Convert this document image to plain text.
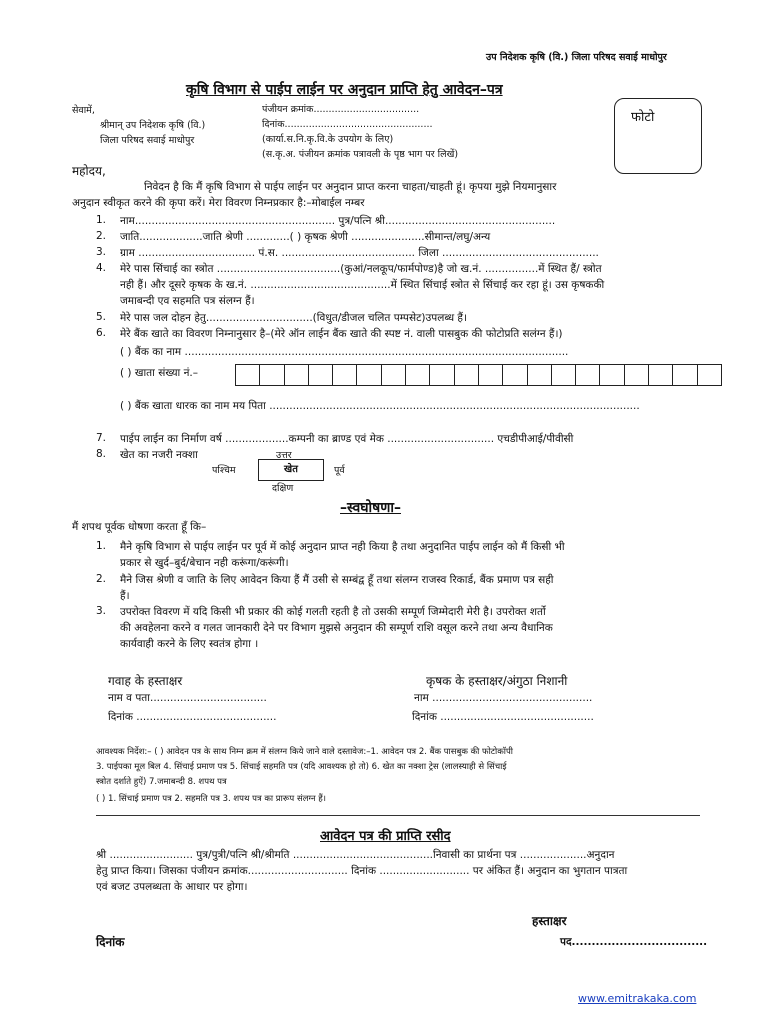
उप निदेशक कृषि (वि.) जिला परिषद सवाई माधोपुर
कृषि विभाग से पाईप लाईन पर अनुदान प्राप्ति हेतु आवेदन–पत्र
फोटो
सेवामें,
श्रीमान् उप निदेशक कृषि (वि.)
जिला परिषद सवाई माधोपुर
पंजीयन क्रमांक...................................
दिनांक.................................................
(कार्या.स.नि.कृ.वि.के उपयोग के लिए)
(स.कृ.अ. पंजीयन क्रमांक पत्रावली के पृष्ठ भाग पर लिखें)
महोदय,
निवेदन है कि मैं कृषि विभाग से पाईप लाईन पर अनुदान प्राप्त करना चाहता/चाहती हूं। कृपया मुझे नियमानुसार
अनुदान स्वीकृत करने की कृपा करें। मेरा विवरण निम्नप्रकार है:–मोबाईल नम्बर
1. नाम............................................................ पुत्र/पत्नि श्री...................................................
2. जाति...................जाति श्रेणी .............( ) कृषक श्रेणी ......................सीमान्त/लघु/अन्य
3. ग्राम ................................... पं.स. ........................................ जिला ...............................................
4. मेरे पास सिंचाई का स्त्रोत .....................................(कुआं/नलकूप/फार्मपोण्ड)है जो ख.नं. ................में स्थित हैं/ स्त्रोत
नही हैं। और दूसरे कृषक के ख.नं. ..........................................में स्थित सिंचाई स्त्रोत से सिंचाई कर रहा हूं। उस कृषककी
जमाबन्दी एव सहमति पत्र संलग्न हैं।
5. मेरे पास जल दोहन हेतु................................(विधुत/डीजल चलित पम्पसेट)उपलब्ध हैं।
6. मेरे बैंक खाते का विवरण निम्नानुसार है–(मेरे ऑन लाईन बैंक खाते की स्पष्ट नं. वाली पासबुक की फोटोप्रति सलंग्न हैं।)
( ) बैंक का नाम ...................................................................................................................
( ) खाता संख्या नं.–
( ) बैंक खाता धारक का नाम मय पिता ...............................................................................................................
7. पाईप लाईन का निर्माण वर्ष ...................कम्पनी का ब्राण्ड एवं मेक ................................ एचडीपीआई/पीवीसी
8. खेत का नजरी नक्शा	उत्तर
पश्चिम	खेत	पूर्व
दक्षिण
–स्वघोषणा–
मैं शपथ पूर्वक धोषणा करता हूॅं कि–
1. मैने कृषि विभाग से पाईप लाईन पर पूर्व में कोई अनुदान प्राप्त नही किया है तथा अनुदानित पाईप लाईन को मैं किसी भी
प्रकार से खुर्द–बुर्द/बेचान नही करूंगा/करूंगी।
2. मैने जिस श्रेणी व जाति के लिए आवेदन किया हैं मैं उसी से सम्बंद्व हूॅं तथा संलग्न राजस्व रिकार्ड, बैंक प्रमाण पत्र सही
हैं।
3. उपरोक्त विवरण में यदि किसी भी प्रकार की कोई गलती रहती है तो उसकी सम्पूर्ण जिम्मेदारी मेरी है। उपरोक्त शर्तो
की अवहेलना करने व गलत जानकारी देने पर विभाग मुझसे अनुदान की सम्पूर्ण राशि वसूल करने तथा अन्य वैधानिक
कार्यवाही करने के लिए स्वतंत्र होगा ।
गवाह के हस्ताक्षर
नाम व पता...................................
दिनांक ..........................................
कृषक के हस्ताक्षर/अंगुठा निशानी
नाम ................................................
दिनांक ..............................................
आवश्यक निर्देश:– ( ) आवेदन पत्र के साथ निम्न क्रम में संलग्न किये जाने वाले दस्तावेज:–1. आवेदन पत्र 2. बैंक पासबुक की फोटोकॉपी
3. पाईपका मूल बिल 4. सिंचाई प्रमाण पत्र 5. सिंचाई सहमति पत्र (यदि आवश्यक हो तो) 6. खेत का नक्शा ट्रेस (लालस्याही से सिंचाई
स्त्रोत दर्शाते हुऐं) 7.जमाबन्दी 8. शपथ पत्र
( ) 1. सिंचाई प्रमाण पत्र 2. सहमति पत्र 3. शपथ पत्र का प्रारूप संलग्न हैं।
आवेदन पत्र की प्राप्ति रसीद
श्री ......................... पुत्र/पुत्री/पत्नि श्री/श्रीमति ..........................................निवासी का प्रार्थना पत्र ....................अनुदान
हेतु प्राप्त किया। जिसका पंजीयन क्रमांक.............................. दिनांक ........................... पर अंकित हैं। अनुदान का भुगतान पात्रता
एवं बजट उपलब्धता के आधार पर होगा।
हस्ताक्षर
दिनांक	पद..................................
www.emitrakaka.com
